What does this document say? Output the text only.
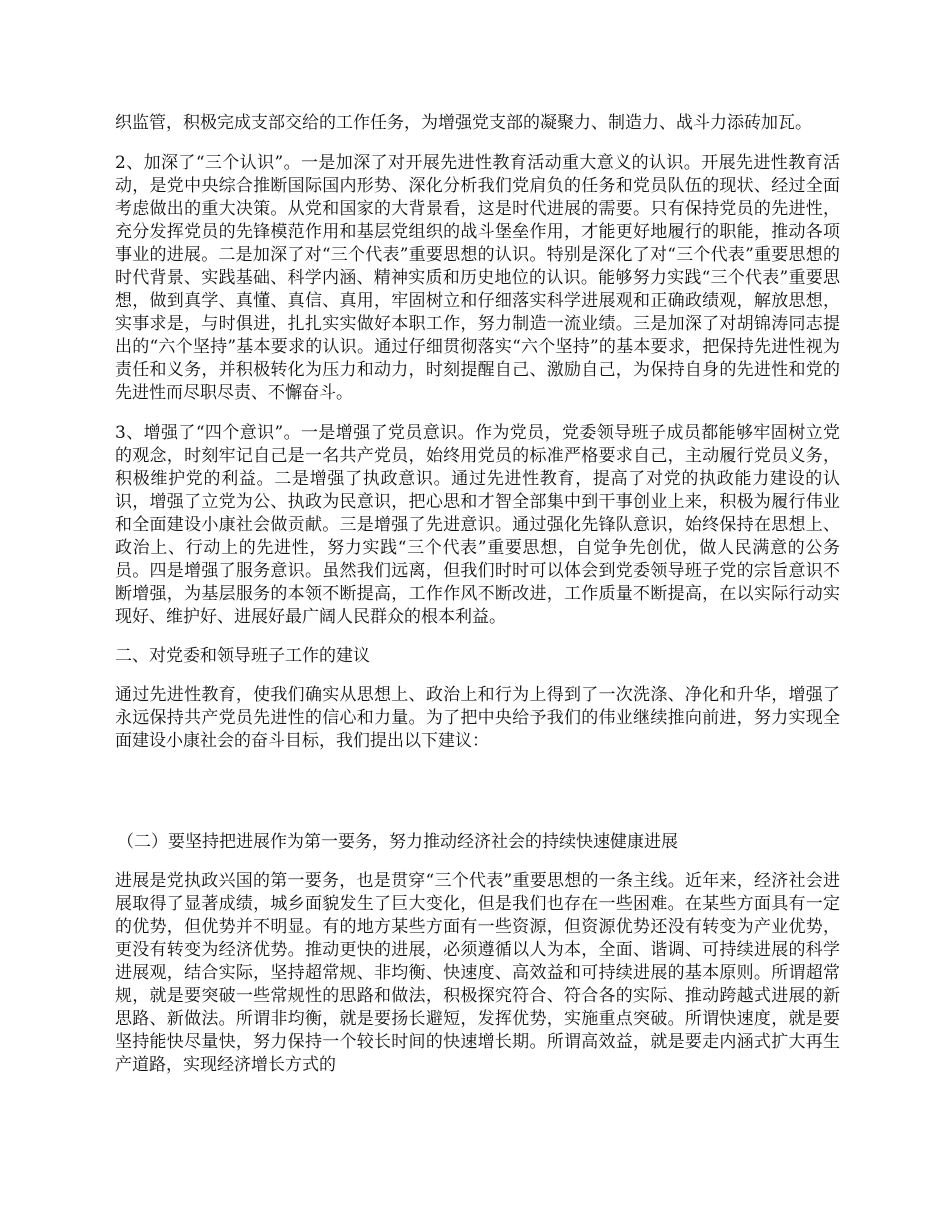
织监管，积极完成支部交给的工作任务，为增强党支部的凝聚力、制造力、战斗力添砖加瓦。

2、加深了“三个认识”。一是加深了对开展先进性教育活动重大意义的认识。开展先进性教育活动，是党中央综合推断国际国内形势、深化分析我们党肩负的任务和党员队伍的现状、经过全面考虑做出的重大决策。从党和国家的大背景看，这是时代进展的需要。只有保持党员的先进性，充分发挥党员的先锋模范作用和基层党组织的战斗堡垒作用，才能更好地履行的职能，推动各项事业的进展。二是加深了对“三个代表”重要思想的认识。特别是深化了对“三个代表”重要思想的时代背景、实践基础、科学内涵、精神实质和历史地位的认识。能够努力实践“三个代表”重要思想，做到真学、真懂、真信、真用，牢固树立和仔细落实科学进展观和正确政绩观，解放思想，实事求是，与时俱进，扎扎实实做好本职工作，努力制造一流业绩。三是加深了对胡锦涛同志提出的“六个坚持”基本要求的认识。通过仔细贯彻落实“六个坚持”的基本要求，把保持先进性视为责任和义务，并积极转化为压力和动力，时刻提醒自己、激励自己，为保持自身的先进性和党的先进性而尽职尽责、不懈奋斗。

3、增强了“四个意识”。一是增强了党员意识。作为党员，党委领导班子成员都能够牢固树立党的观念，时刻牢记自己是一名共产党员，始终用党员的标准严格要求自己，主动履行党员义务，积极维护党的利益。二是增强了执政意识。通过先进性教育，提高了对党的执政能力建设的认识，增强了立党为公、执政为民意识，把心思和才智全部集中到干事创业上来，积极为履行伟业和全面建设小康社会做贡献。三是增强了先进意识。通过强化先锋队意识，始终保持在思想上、政治上、行动上的先进性，努力实践“三个代表”重要思想，自觉争先创优，做人民满意的公务员。四是增强了服务意识。虽然我们远离，但我们时时可以体会到党委领导班子党的宗旨意识不断增强，为基层服务的本领不断提高，工作作风不断改进，工作质量不断提高，在以实际行动实现好、维护好、进展好最广阔人民群众的根本利益。

二、对党委和领导班子工作的建议

通过先进性教育，使我们确实从思想上、政治上和行为上得到了一次洗涤、净化和升华，增强了永远保持共产党员先进性的信心和力量。为了把中央给予我们的伟业继续推向前进，努力实现全面建设小康社会的奋斗目标，我们提出以下建议：

（二）要坚持把进展作为第一要务，努力推动经济社会的持续快速健康进展

进展是党执政兴国的第一要务，也是贯穿“三个代表”重要思想的一条主线。近年来，经济社会进展取得了显著成绩，城乡面貌发生了巨大变化，但是我们也存在一些困难。在某些方面具有一定的优势，但优势并不明显。有的地方某些方面有一些资源，但资源优势还没有转变为产业优势，更没有转变为经济优势。推动更快的进展，必须遵循以人为本，全面、谐调、可持续进展的科学进展观，结合实际，坚持超常规、非均衡、快速度、高效益和可持续进展的基本原则。所谓超常规，就是要突破一些常规性的思路和做法，积极探究符合、符合各的实际、推动跨越式进展的新思路、新做法。所谓非均衡，就是要扬长避短，发挥优势，实施重点突破。所谓快速度，就是要坚持能快尽量快，努力保持一个较长时间的快速增长期。所谓高效益，就是要走内涵式扩大再生产道路，实现经济增长方式的
